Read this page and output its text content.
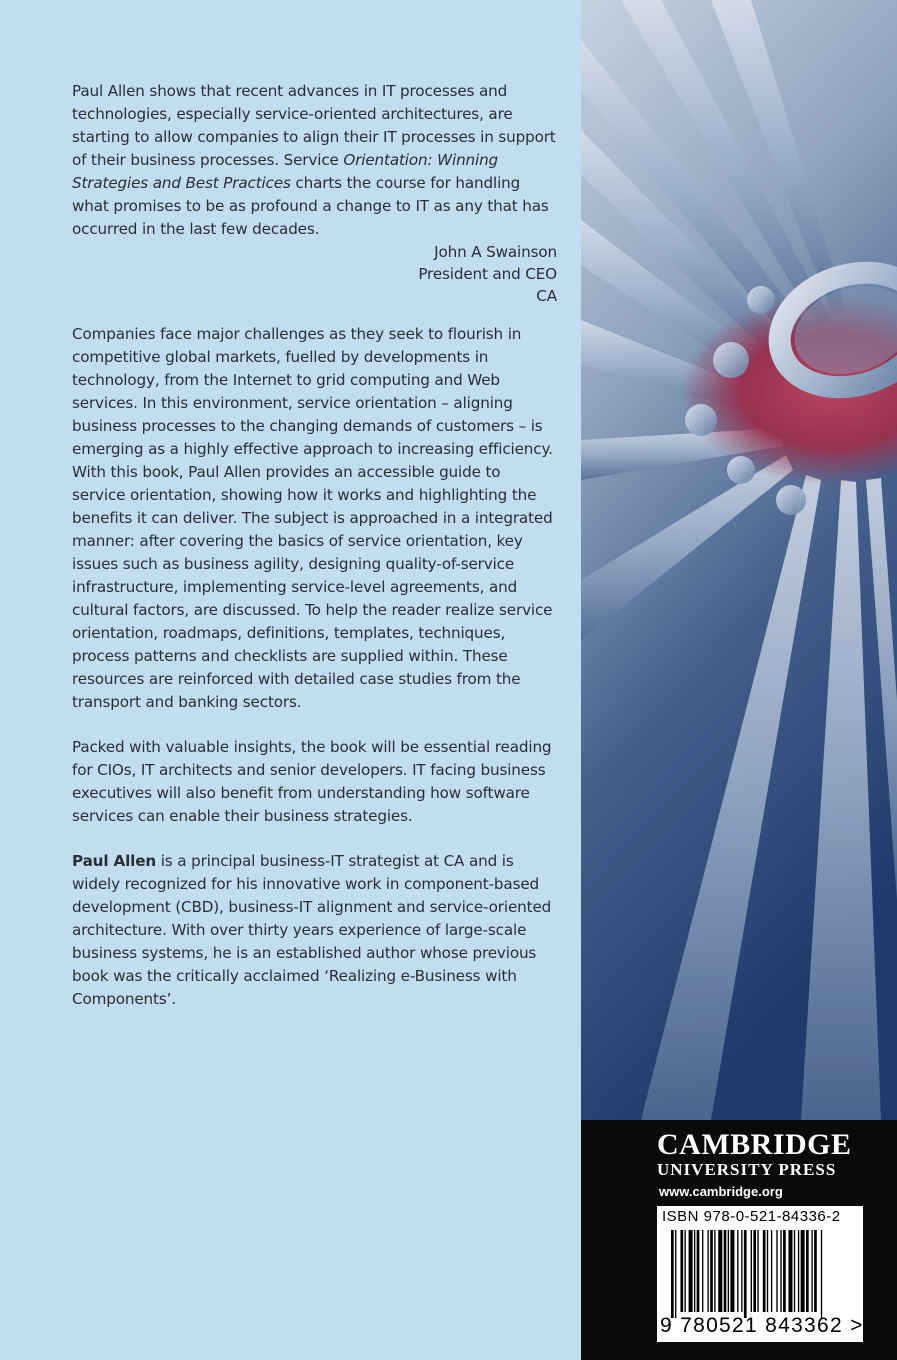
Paul Allen shows that recent advances in IT processes and technologies, especially service-oriented architectures, are starting to allow companies to align their IT processes in support of their business processes. Service Orientation: Winning Strategies and Best Practices charts the course for handling what promises to be as profound a change to IT as any that has occurred in the last few decades.

John A Swainson
President and CEO
CA

Companies face major challenges as they seek to flourish in competitive global markets, fuelled by developments in technology, from the Internet to grid computing and Web services. In this environment, service orientation – aligning business processes to the changing demands of customers – is emerging as a highly effective approach to increasing efficiency. With this book, Paul Allen provides an accessible guide to service orientation, showing how it works and highlighting the benefits it can deliver. The subject is approached in a integrated manner: after covering the basics of service orientation, key issues such as business agility, designing quality-of-service infrastructure, implementing service-level agreements, and cultural factors, are discussed. To help the reader realize service orientation, roadmaps, definitions, templates, techniques, process patterns and checklists are supplied within. These resources are reinforced with detailed case studies from the transport and banking sectors.

Packed with valuable insights, the book will be essential reading for CIOs, IT architects and senior developers. IT facing business executives will also benefit from understanding how software services can enable their business strategies.

Paul Allen is a principal business-IT strategist at CA and is widely recognized for his innovative work in component-based development (CBD), business-IT alignment and service-oriented architecture. With over thirty years experience of large-scale business systems, he is an established author whose previous book was the critically acclaimed ‘Realizing e-Business with Components’.

CAMBRIDGE
UNIVERSITY PRESS
www.cambridge.org
ISBN 978-0-521-84336-2
9 780521 843362 >
